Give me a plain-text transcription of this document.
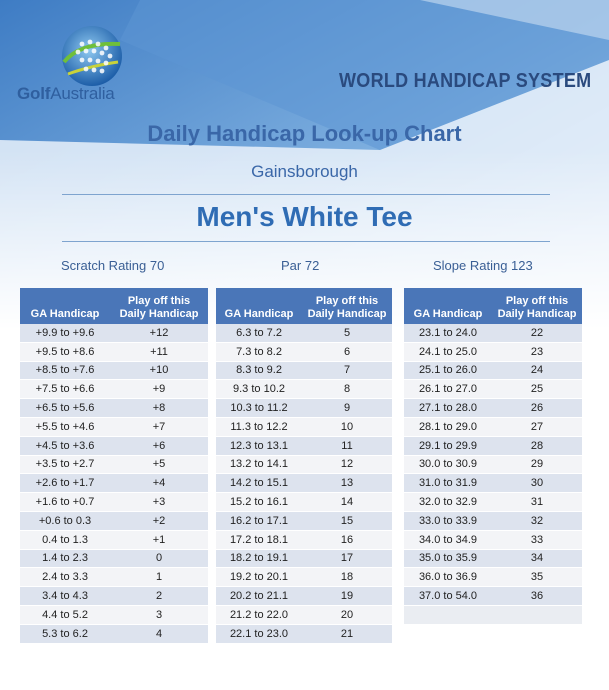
GolfAustralia
WORLD HANDICAP SYSTEM
Daily Handicap Look-up Chart
Gainsborough
Men's White Tee
Scratch Rating 70	Par 72	Slope Rating 123
GA Handicap	Play off this
Daily Handicap

+9.9 to +9.6	+12
+9.5 to +8.6	+11
+8.5 to +7.6	+10
+7.5 to +6.6	+9
+6.5 to +5.6	+8
+5.5 to +4.6	+7
+4.5 to +3.6	+6
+3.5 to +2.7	+5
+2.6 to +1.7	+4
+1.6 to +0.7	+3
+0.6 to 0.3	+2
0.4 to 1.3	+1
1.4 to 2.3	0
2.4 to 3.3	1
3.4 to 4.3	2
4.4 to 5.2	3
5.3 to 6.2	4
GA Handicap	Play off this
Daily Handicap

6.3 to 7.2	5
7.3 to 8.2	6
8.3 to 9.2	7
9.3 to 10.2	8
10.3 to 11.2	9
11.3 to 12.2	10
12.3 to 13.1	11
13.2 to 14.1	12
14.2 to 15.1	13
15.2 to 16.1	14
16.2 to 17.1	15
17.2 to 18.1	16
18.2 to 19.1	17
19.2 to 20.1	18
20.2 to 21.1	19
21.2 to 22.0	20
22.1 to 23.0	21
GA Handicap	Play off this
Daily Handicap

23.1 to 24.0	22
24.1 to 25.0	23
25.1 to 26.0	24
26.1 to 27.0	25
27.1 to 28.0	26
28.1 to 29.0	27
29.1 to 29.9	28
30.0 to 30.9	29
31.0 to 31.9	30
32.0 to 32.9	31
33.0 to 33.9	32
34.0 to 34.9	33
35.0 to 35.9	34
36.0 to 36.9	35
37.0 to 54.0	36
